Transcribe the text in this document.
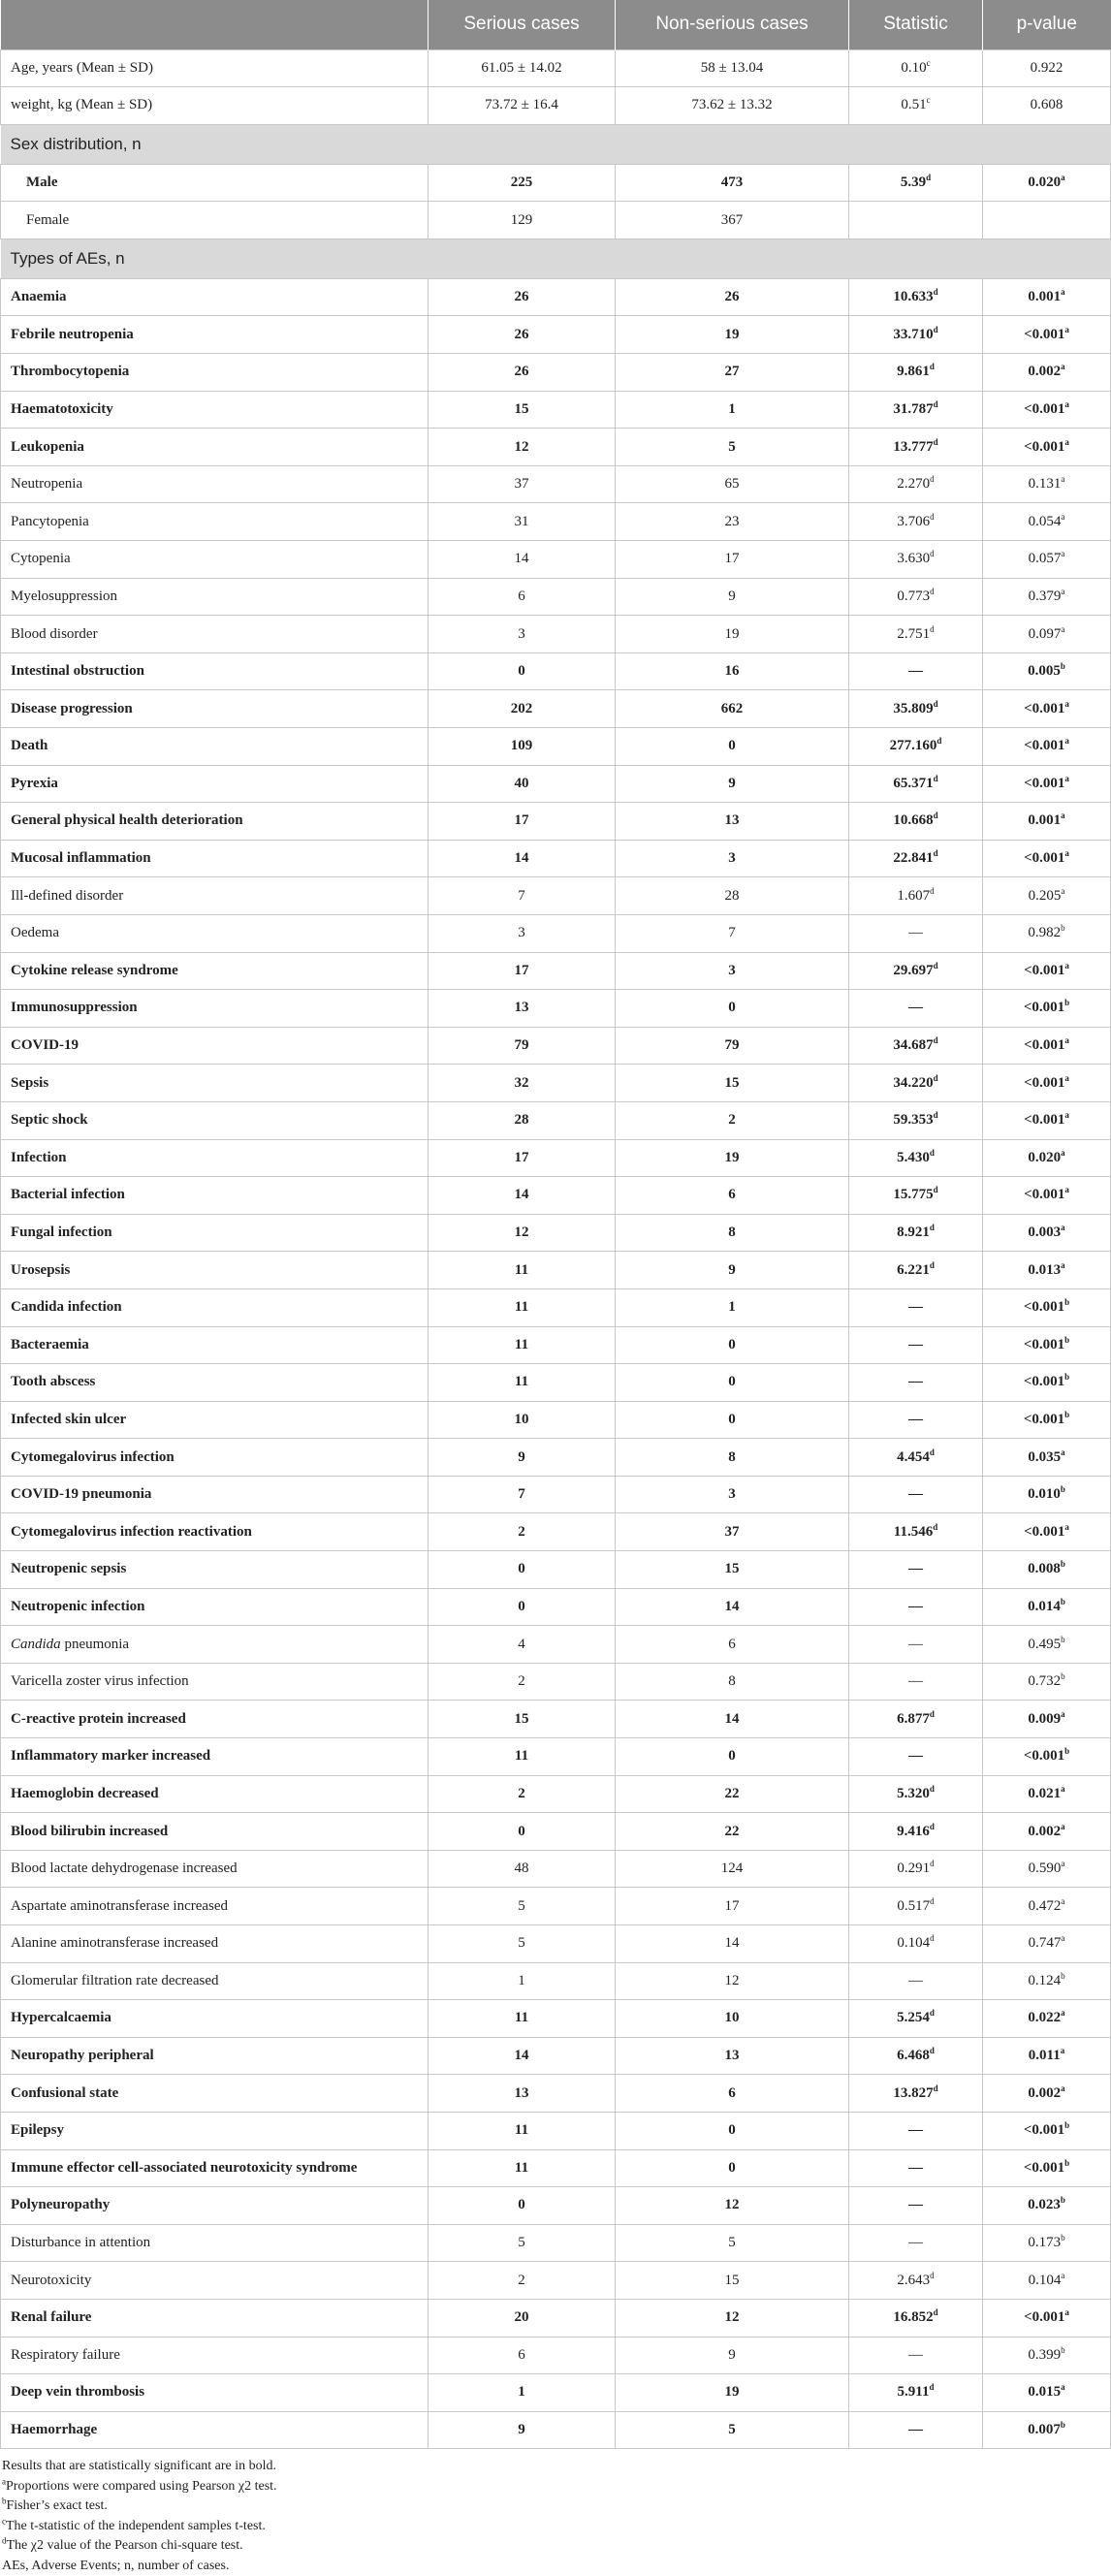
	Serious cases	Non-serious cases	Statistic	p-value
Age, years (Mean ± SD)	61.05 ± 14.02	58 ± 13.04	0.10$^c$	0.922
weight, kg (Mean ± SD)	73.72 ± 16.4	73.62 ± 13.32	0.51$^c$	0.608
Sex distribution, n				
Male	225	473	5.39$^d$	0.020$^a$
Female	129	367		
Types of AEs, n				
Anaemia	26	26	10.633$^d$	0.001$^a$
Febrile neutropenia	26	19	33.710$^d$	<0.001$^a$
Thrombocytopenia	26	27	9.861$^d$	0.002$^a$
Haematotoxicity	15	1	31.787$^d$	<0.001$^a$
Leukopenia	12	5	13.777$^d$	<0.001$^a$
Neutropenia	37	65	2.270$^d$	0.131$^a$
Pancytopenia	31	23	3.706$^d$	0.054$^a$
Cytopenia	14	17	3.630$^d$	0.057$^a$
Myelosuppression	6	9	0.773$^d$	0.379$^a$
Blood disorder	3	19	2.751$^d$	0.097$^a$
Intestinal obstruction	0	16	—	0.005$^b$
Disease progression	202	662	35.809$^d$	<0.001$^a$
Death	109	0	277.160$^d$	<0.001$^a$
Pyrexia	40	9	65.371$^d$	<0.001$^a$
General physical health deterioration	17	13	10.668$^d$	0.001$^a$
Mucosal inflammation	14	3	22.841$^d$	<0.001$^a$
Ill-defined disorder	7	28	1.607$^d$	0.205$^a$
Oedema	3	7	—	0.982$^b$
Cytokine release syndrome	17	3	29.697$^d$	<0.001$^a$
Immunosuppression	13	0	—	<0.001$^b$
COVID-19	79	79	34.687$^d$	<0.001$^a$
Sepsis	32	15	34.220$^d$	<0.001$^a$
Septic shock	28	2	59.353$^d$	<0.001$^a$
Infection	17	19	5.430$^d$	0.020$^a$
Bacterial infection	14	6	15.775$^d$	<0.001$^a$
Fungal infection	12	8	8.921$^d$	0.003$^a$
Urosepsis	11	9	6.221$^d$	0.013$^a$
Candida infection	11	1	—	<0.001$^b$
Bacteraemia	11	0	—	<0.001$^b$
Tooth abscess	11	0	—	<0.001$^b$
Infected skin ulcer	10	0	—	<0.001$^b$
Cytomegalovirus infection	9	8	4.454$^d$	0.035$^a$
COVID-19 pneumonia	7	3	—	0.010$^b$
Cytomegalovirus infection reactivation	2	37	11.546$^d$	<0.001$^a$
Neutropenic sepsis	0	15	—	0.008$^b$
Neutropenic infection	0	14	—	0.014$^b$
Candida pneumonia	4	6	—	0.495$^b$
Varicella zoster virus infection	2	8	—	0.732$^b$
C-reactive protein increased	15	14	6.877$^d$	0.009$^a$
Inflammatory marker increased	11	0	—	<0.001$^b$
Haemoglobin decreased	2	22	5.320$^d$	0.021$^a$
Blood bilirubin increased	0	22	9.416$^d$	0.002$^a$
Blood lactate dehydrogenase increased	48	124	0.291$^d$	0.590$^a$
Aspartate aminotransferase increased	5	17	0.517$^d$	0.472$^a$
Alanine aminotransferase increased	5	14	0.104$^d$	0.747$^a$
Glomerular filtration rate decreased	1	12	—	0.124$^b$
Hypercalcaemia	11	10	5.254$^d$	0.022$^a$
Neuropathy peripheral	14	13	6.468$^d$	0.011$^a$
Confusional state	13	6	13.827$^d$	0.002$^a$
Epilepsy	11	0	—	<0.001$^b$
Immune effector cell-associated neurotoxicity syndrome	11	0	—	<0.001$^b$
Polyneuropathy	0	12	—	0.023$^b$
Disturbance in attention	5	5	—	0.173$^b$
Neurotoxicity	2	15	2.643$^d$	0.104$^a$
Renal failure	20	12	16.852$^d$	<0.001$^a$
Respiratory failure	6	9	—	0.399$^b$
Deep vein thrombosis	1	19	5.911$^d$	0.015$^a$
Haemorrhage	9	5	—	0.007$^b$
Results that are statistically significant are in bold.
$^a$Proportions were compared using Pearson χ2 test.
$^b$Fisher’s exact test.
$^c$The t-statistic of the independent samples t-test.
$^d$The χ2 value of the Pearson chi-square test.
AEs, Adverse Events; n, number of cases.
